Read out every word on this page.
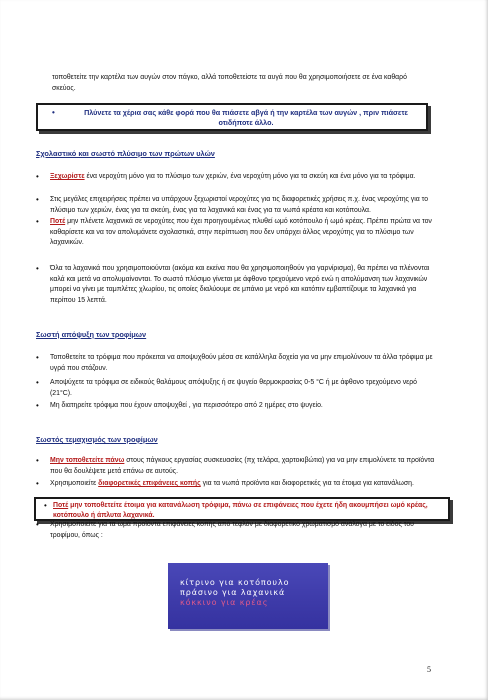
τοποθετείτε την καρτέλα των αυγών στον πάγκο, αλλά τοποθετείστε τα αυγά που θα χρησιμοποιήσετε σε ένα καθαρό σκεύος.

•	Πλύνετε τα χέρια σας κάθε φορά που θα πιάσετε αβγά ή την καρτέλα των αυγών , πριν πιάσετε οτιδήποτε άλλο.
Σχολαστικό και σωστό πλύσιμο των πρώτων υλών
• Ξεχωρίστε ένα νεροχύτη μόνο για το πλύσιμο των χεριών, ένα νεροχύτη μόνο για τα σκεύη και ένα μόνο για τα τρόφιμα.
• Στις μεγάλες επιχειρήσεις πρέπει να υπάρχουν ξεχωριστοί νεροχύτες για τις διαφορετικές χρήσεις π.χ. ένας νεροχύτης για το πλύσιμο των χεριών, ένας για τα σκεύη, ένας για τα λαχανικά και ένας για τα νωπά κρέατα και κοτόπουλα.
• Ποτέ μην πλένετε λαχανικά σε νεροχύτες που έχει προηγουμένως πλυθεί ωμό κοτόπουλο ή ωμό κρέας. Πρέπει πρώτα να τον καθαρίσετε και να τον απολυμάνετε σχολαστικά, στην περίπτωση που δεν υπάρχει άλλος νεροχύτης για το πλύσιμο των λαχανικών.
• Όλα τα λαχανικά που χρησιμοποιούνται (ακόμα και εκείνα που θα χρησιμοποιηθούν για γαρνίρισμα), θα πρέπει να πλένονται καλά και μετά να απολυμαίνονται. Το σωστό πλύσιμο γίνεται με άφθονο τρεχούμενο νερό ενώ η απολύμανση των λαχανικών μπορεί να γίνει με ταμπλέτες χλωρίου, τις οποίες διαλύουμε σε μπάνιο με νερό και κατόπιν εμβαπτίζουμε τα λαχανικά για περίπου 15 λεπτά.
Σωστή απόψυξη των τροφίμων
• Τοποθετείτε τα τρόφιμα που πρόκειται να αποψυχθούν μέσα σε κατάλληλα δοχεία για να μην επιμολύνουν τα άλλα τρόφιμα με υγρά που στάζουν.
• Αποψύχετε τα τρόφιμα σε ειδικούς θαλάμους απόψυξης ή σε ψυγείο θερμοκρασίας 0-5 °C ή με άφθονο τρεχούμενο νερό (21°C).
• Μη διατηρείτε τρόφιμα που έχουν αποψυχθεί , για περισσότερο από 2 ημέρες στο ψυγείο.
Σωστός τεμαχισμός των τροφίμων
• Μην τοποθετείτε πάνω στους πάγκους εργασίας συσκευασίες (πχ τελάρα, χαρτοκιβώτια) για να μην επιμολύνετε τα προϊόντα που θα δουλέψετε μετά επάνω σε αυτούς.
• Χρησιμοποιείτε διαφορετικές επιφάνειες κοπής για τα νωπά προϊόντα και διαφορετικές για τα έτοιμα για κατανάλωση.
• Ποτέ μην τοποθετείτε έτοιμα για κατανάλωση τρόφιμα, πάνω σε επιφάνειες που έχετε ήδη ακουμπήσει ωμό κρέας, κοτόπουλο ή άπλυτα λαχανικά.
• Χρησιμοποιείτε για τα ωμά προϊόντα επιφάνειες κοπής από τεφλόν με διαφορετικό χρωματισμό ανάλογα με το είδος του τροφίμου, όπως :
κίτρινο για κοτόπουλο
πράσινο για λαχανικά
κόκκινο για κρέας
5
